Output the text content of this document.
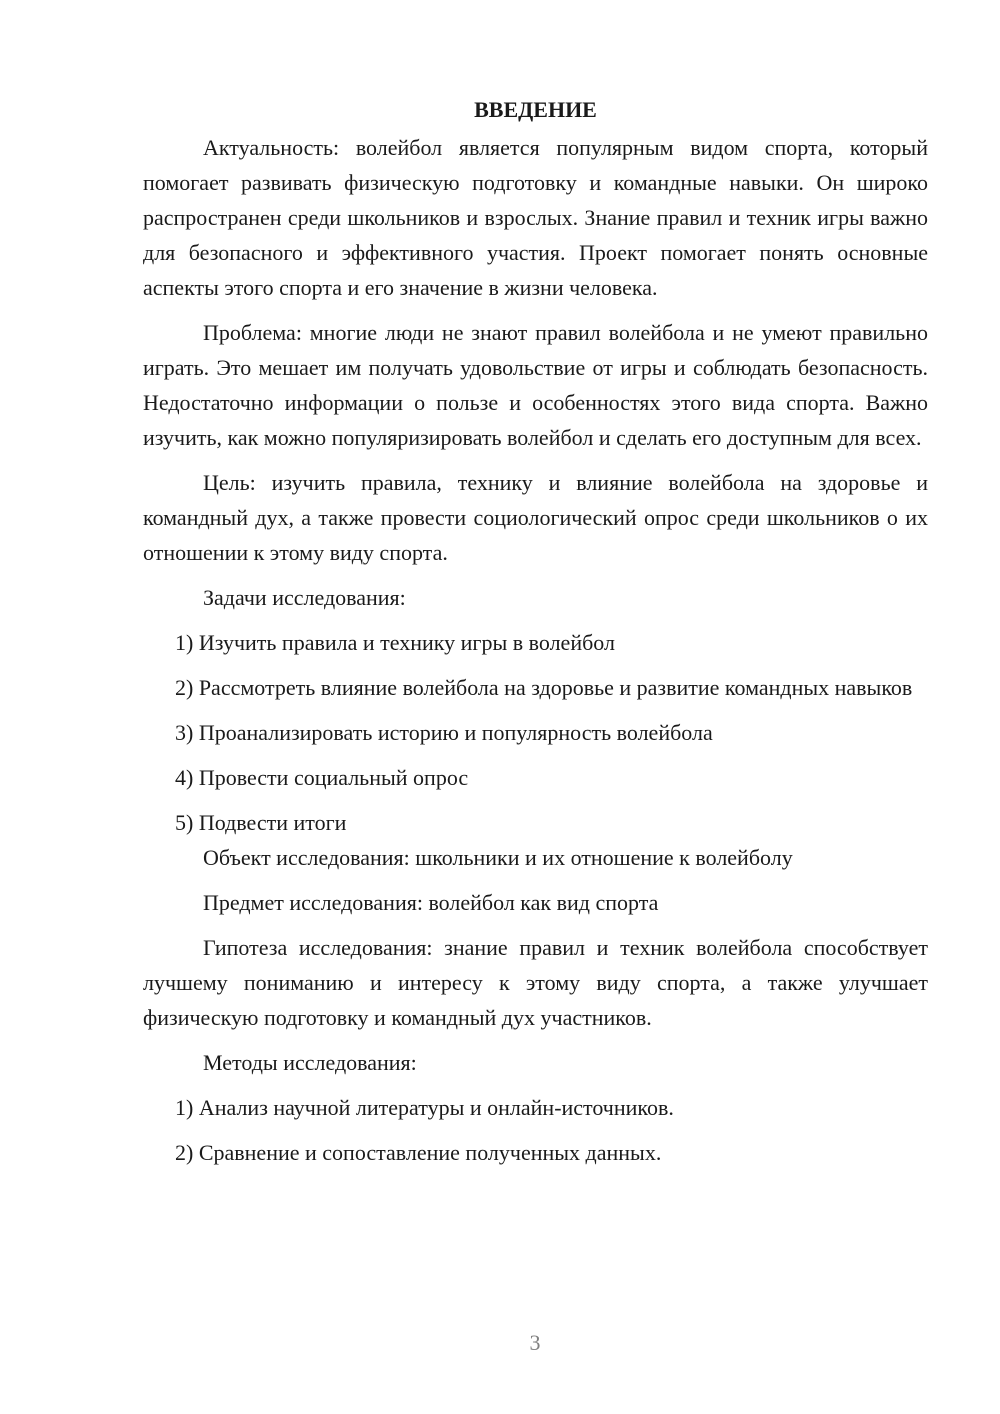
ВВЕДЕНИЕ

Актуальность: волейбол является популярным видом спорта, который помогает развивать физическую подготовку и командные навыки. Он широко распространен среди школьников и взрослых. Знание правил и техник игры важно для безопасного и эффективного участия. Проект помогает понять основные аспекты этого спорта и его значение в жизни человека.

Проблема: многие люди не знают правил волейбола и не умеют правильно играть. Это мешает им получать удовольствие от игры и соблюдать безопасность. Недостаточно информации о пользе и особенностях этого вида спорта. Важно изучить, как можно популяризировать волейбол и сделать его доступным для всех.

Цель: изучить правила, технику и влияние волейбола на здоровье и командный дух, а также провести социологический опрос среди школьников о их отношении к этому виду спорта.

Задачи исследования:

1) Изучить правила и технику игры в волейбол

2) Рассмотреть влияние волейбола на здоровье и развитие командных навыков

3) Проанализировать историю и популярность волейбола

4) Провести социальный опрос

5) Подвести итоги

Объект исследования: школьники и их отношение к волейболу
Предмет исследования: волейбол как вид спорта

Гипотеза исследования: знание правил и техник волейбола способствует лучшему пониманию и интересу к этому виду спорта, а также улучшает физическую подготовку и командный дух участников.

Методы исследования:

1) Анализ научной литературы и онлайн-источников.

2) Сравнение и сопоставление полученных данных.

3
